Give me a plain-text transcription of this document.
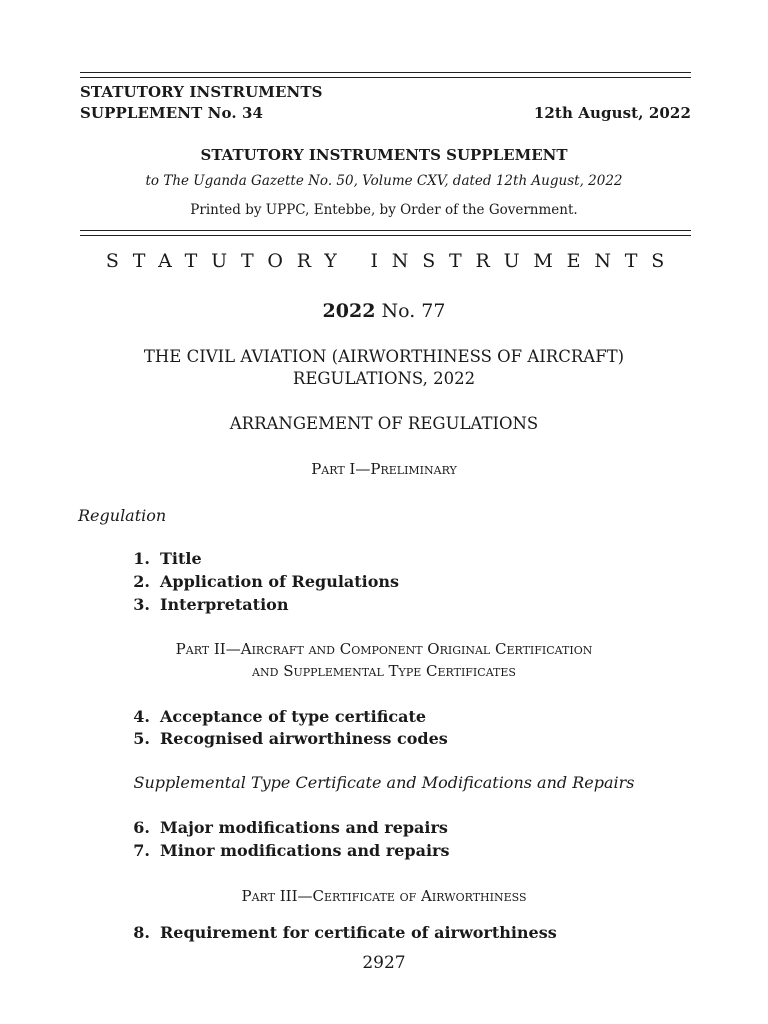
STATUTORY INSTRUMENTS
SUPPLEMENT No. 34	12th August, 2022
STATUTORY INSTRUMENTS SUPPLEMENT
to The Uganda Gazette No. 50, Volume CXV, dated 12th August, 2022
Printed by UPPC, Entebbe, by Order of the Government.
STATUTORY INSTRUMENTS
2022 No. 77
THE CIVIL AVIATION (AIRWORTHINESS OF AIRCRAFT)
REGULATIONS, 2022
ARRANGEMENT OF REGULATIONS
Part I—Preliminary
Regulation
1. Title
2. Application of Regulations
3. Interpretation
Part II—Aircraft and Component Original Certification
and Supplemental Type Certificates
4. Acceptance of type certificate
5. Recognised airworthiness codes
Supplemental Type Certificate and Modifications and Repairs
6. Major modifications and repairs
7. Minor modifications and repairs
Part III—Certificate of Airworthiness
8. Requirement for certificate of airworthiness
2927
